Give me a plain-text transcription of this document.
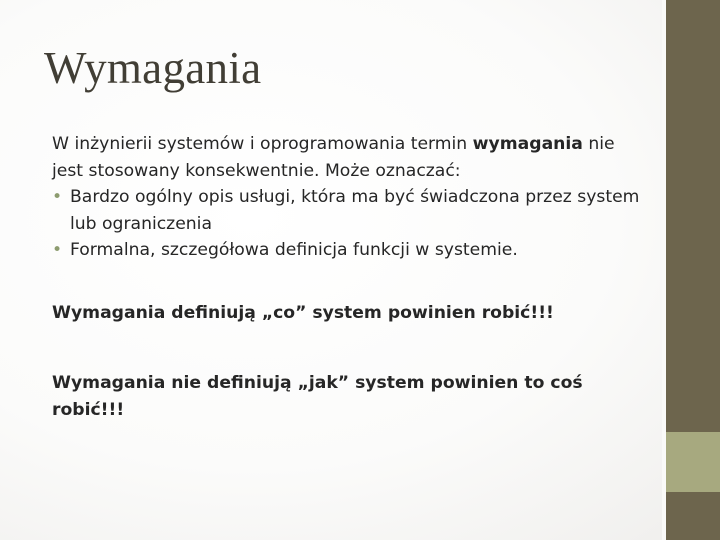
Wymagania

W inżynierii systemów i oprogramowania termin wymagania nie jest stosowany konsekwentnie. Może oznaczać:

• Bardzo ogólny opis usługi, która ma być świadczona przez system lub ograniczenia
• Formalna, szczegółowa definicja funkcji w systemie.

Wymagania definiują „co” system powinien robić!!!

Wymagania nie definiują „jak” system powinien to coś robić!!!
